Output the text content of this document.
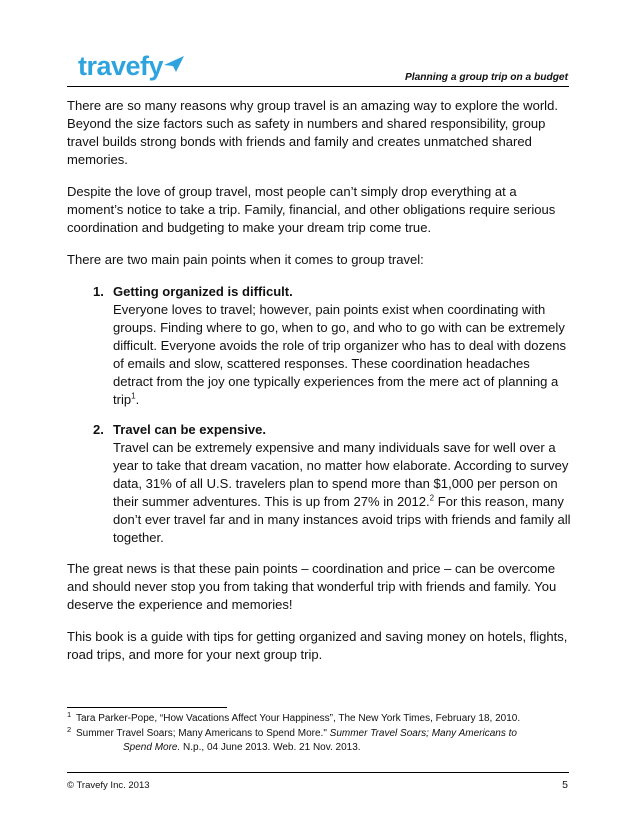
travefy	Planning a group trip on a budget

There are so many reasons why group travel is an amazing way to explore the world. Beyond the size factors such as safety in numbers and shared responsibility, group travel builds strong bonds with friends and family and creates unmatched shared memories.

Despite the love of group travel, most people can’t simply drop everything at a moment’s notice to take a trip. Family, financial, and other obligations require serious coordination and budgeting to make your dream trip come true.

There are two main pain points when it comes to group travel:

1. Getting organized is difficult.
Everyone loves to travel; however, pain points exist when coordinating with groups. Finding where to go, when to go, and who to go with can be extremely difficult. Everyone avoids the role of trip organizer who has to deal with dozens of emails and slow, scattered responses. These coordination headaches detract from the joy one typically experiences from the mere act of planning a trip$^1$.
2. Travel can be expensive.
Travel can be extremely expensive and many individuals save for well over a year to take that dream vacation, no matter how elaborate. According to survey data, 31% of all U.S. travelers plan to spend more than $1,000 per person on their summer adventures. This is up from 27% in 2012.$^2$ For this reason, many don’t ever travel far and in many instances avoid trips with friends and family all together.

The great news is that these pain points – coordination and price – can be overcome and should never stop you from taking that wonderful trip with friends and family. You deserve the experience and memories!

This book is a guide with tips for getting organized and saving money on hotels, flights, road trips, and more for your next group trip.

1 Tara Parker-Pope, “How Vacations Affect Your Happiness”, The New York Times, February 18, 2010.
2 Summer Travel Soars; Many Americans to Spend More." Summer Travel Soars; Many Americans to
Spend More. N.p., 04 June 2013. Web. 21 Nov. 2013.
© Travefy Inc. 2013	5
